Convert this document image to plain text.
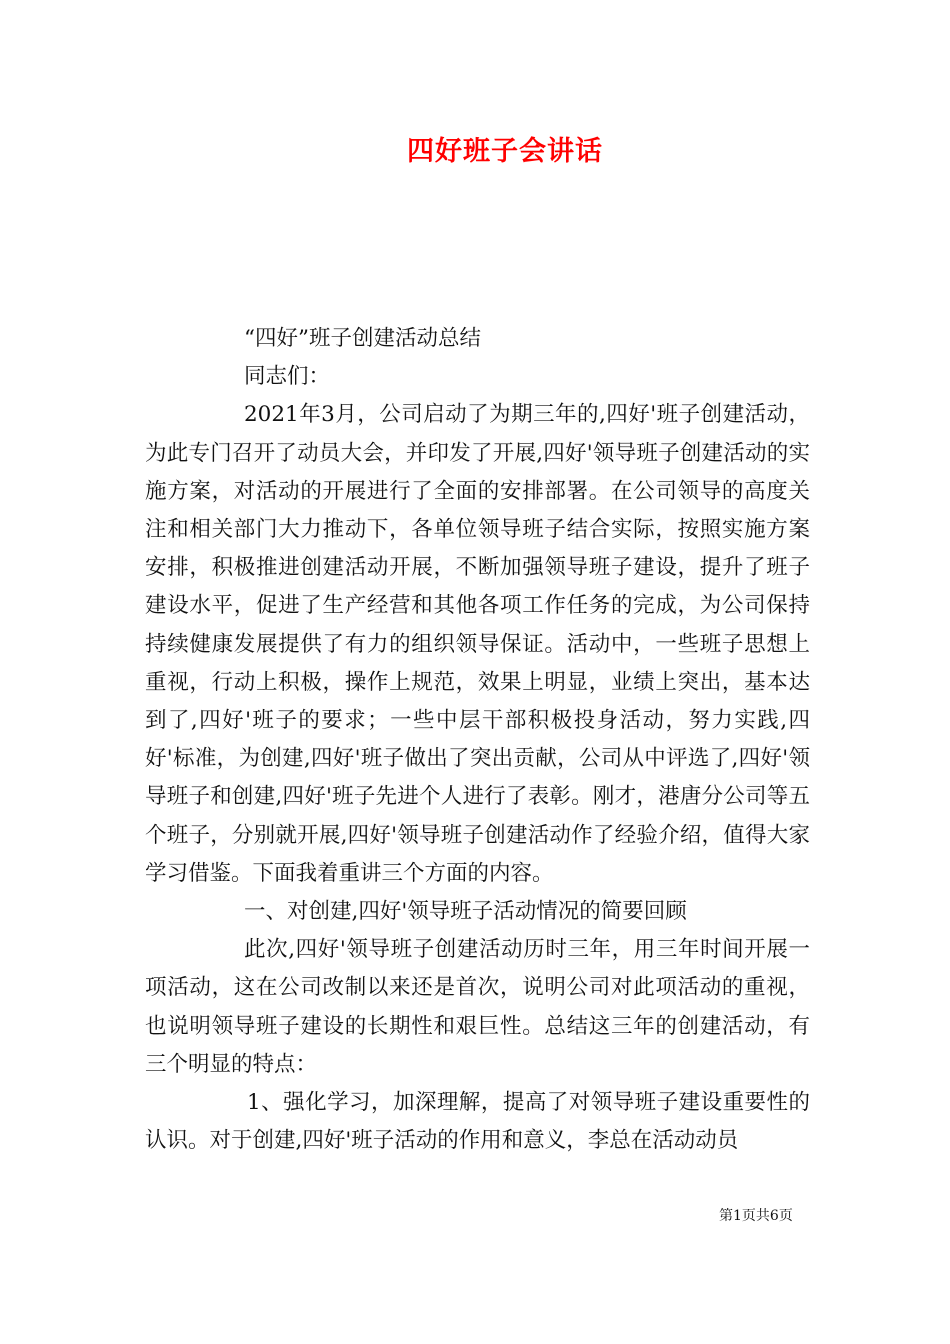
四好班子会讲话

“四好”班子创建活动总结

同志们：

2021年3月，公司启动了为期三年的,四好'班子创建活动，为此专门召开了动员大会，并印发了开展,四好'领导班子创建活动的实施方案，对活动的开展进行了全面的安排部署。在公司领导的高度关注和相关部门大力推动下，各单位领导班子结合实际，按照实施方案安排，积极推进创建活动开展，不断加强领导班子建设，提升了班子建设水平，促进了生产经营和其他各项工作任务的完成，为公司保持持续健康发展提供了有力的组织领导保证。活动中，一些班子思想上重视，行动上积极，操作上规范，效果上明显，业绩上突出，基本达到了,四好'班子的要求；一些中层干部积极投身活动，努力实践,四好'标准，为创建,四好'班子做出了突出贡献，公司从中评选了,四好'领导班子和创建,四好'班子先进个人进行了表彰。刚才，港唐分公司等五个班子，分别就开展,四好'领导班子创建活动作了经验介绍，值得大家学习借鉴。下面我着重讲三个方面的内容。

一、对创建,四好'领导班子活动情况的简要回顾

此次,四好'领导班子创建活动历时三年，用三年时间开展一项活动，这在公司改制以来还是首次，说明公司对此项活动的重视，也说明领导班子建设的长期性和艰巨性。总结这三年的创建活动，有三个明显的特点：

1、强化学习，加深理解，提高了对领导班子建设重要性的认识。对于创建,四好'班子活动的作用和意义，李总在活动动员

第1页共6页
